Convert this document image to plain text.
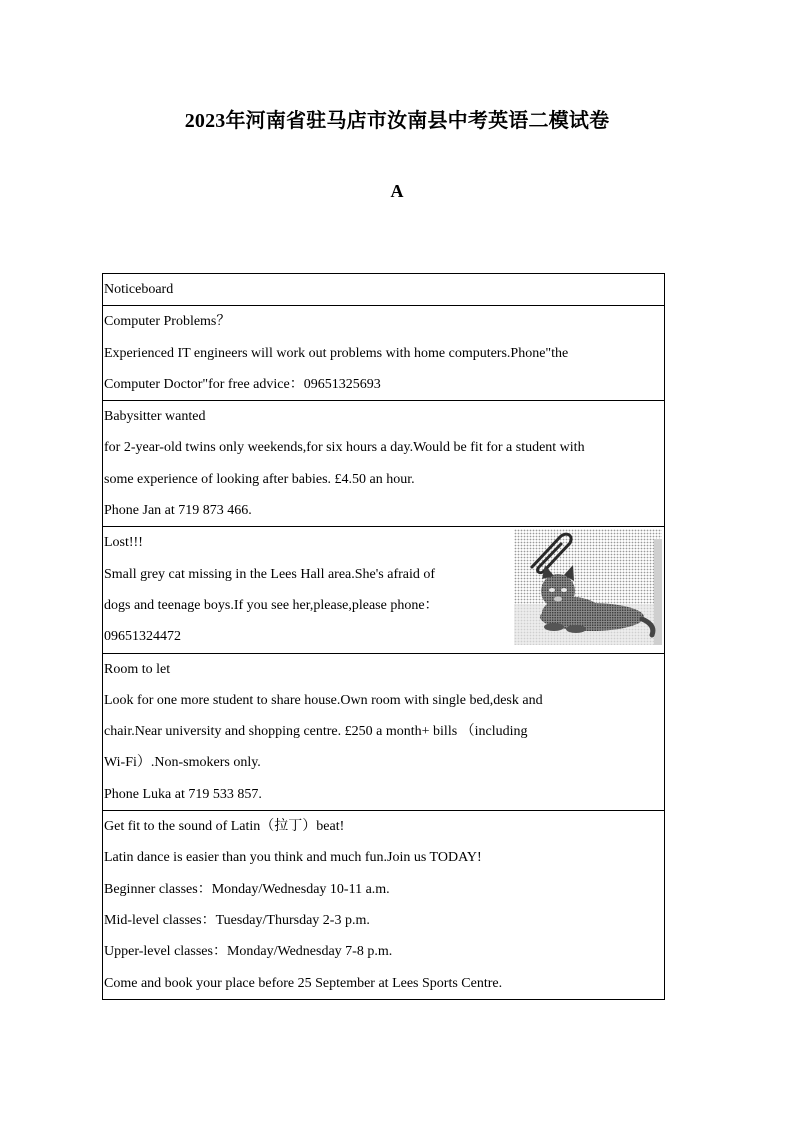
2023年河南省驻马店市汝南县中考英语二模试卷
A

Noticeboard

Computer Problems？

Experienced IT engineers will work out problems with home computers.Phone"the

Computer Doctor"for free advice：09651325693

Babysitter wanted

for 2-year-old twins only weekends,for six hours a day.Would be fit for a student with

some experience of looking after babies. £4.50 an hour.

Phone Jan at 719 873 466.

Lost!!!

Small grey cat missing in the Lees Hall area.She's afraid of

dogs and teenage boys.If you see her,please,please phone：

09651324472

Room to let

Look for one more student to share house.Own room with single bed,desk and

chair.Near university and shopping centre. £250 a month+ bills （including

Wi-Fi）.Non-smokers only.

Phone Luka at 719 533 857.

Get fit to the sound of Latin（拉丁）beat!

Latin dance is easier than you think and much fun.Join us TODAY!

Beginner classes：Monday/Wednesday 10-11 a.m.

Mid-level classes：Tuesday/Thursday 2-3 p.m.

Upper-level classes：Monday/Wednesday 7-8 p.m.

Come and book your place before 25 September at Lees Sports Centre.
